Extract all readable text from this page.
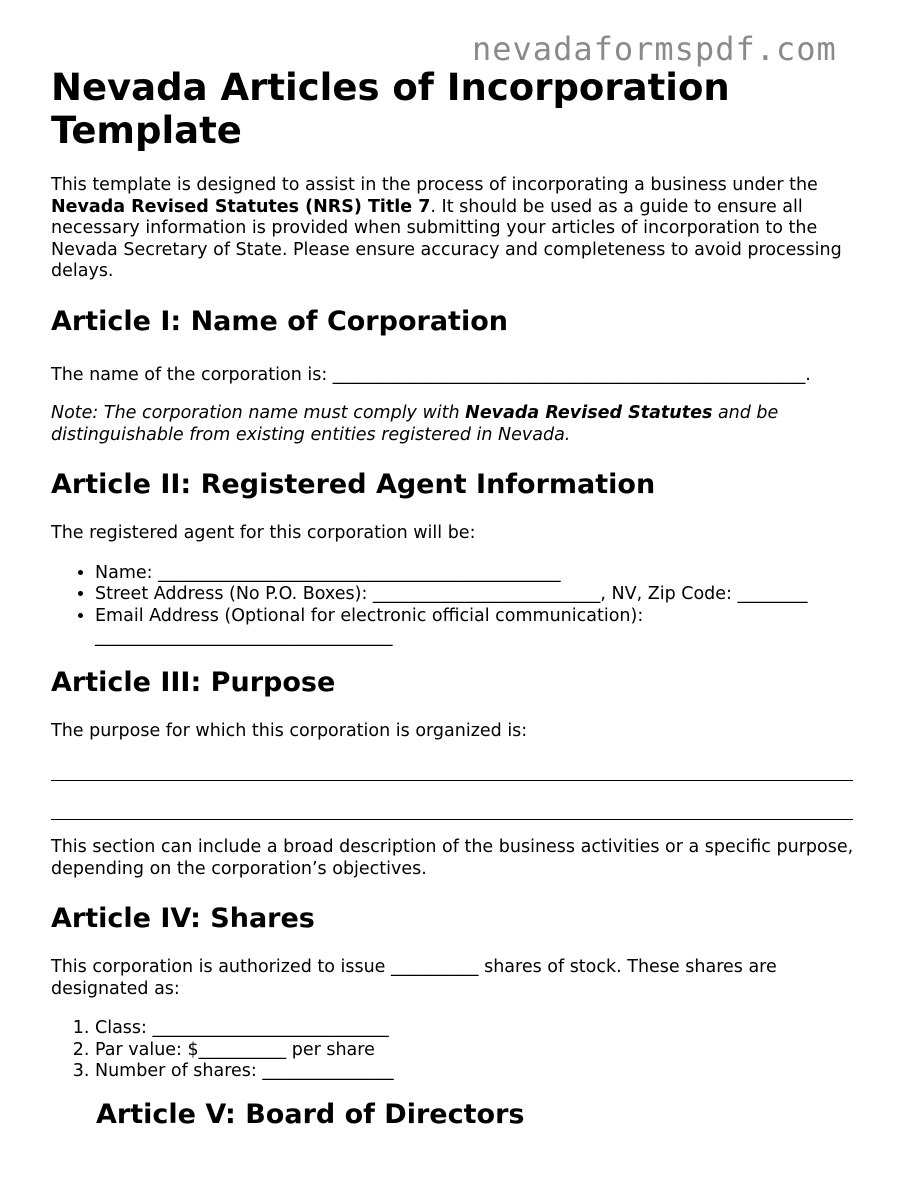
nevadaformspdf.com
Nevada Articles of Incorporation Template

This template is designed to assist in the process of incorporating a business under the Nevada Revised Statutes (NRS) Title 7. It should be used as a guide to ensure all necessary information is provided when submitting your articles of incorporation to the Nevada Secretary of State. Please ensure accuracy and completeness to avoid processing delays.

Article I: Name of Corporation

The name of the corporation is: ______________________________________________________.

Note: The corporation name must comply with Nevada Revised Statutes and be distinguishable from existing entities registered in Nevada.

Article II: Registered Agent Information

The registered agent for this corporation will be:

• Name: ______________________________________________
• Street Address (No P.O. Boxes): __________________________, NV, Zip Code: ________
• Email Address (Optional for electronic official communication): __________________________________
Article III: Purpose

The purpose for which this corporation is organized is:

This section can include a broad description of the business activities or a specific purpose, depending on the corporation’s objectives.

Article IV: Shares

This corporation is authorized to issue __________ shares of stock. These shares are designated as:

1. Class: ___________________________
2. Par value: $__________ per share
3. Number of shares: _______________
Article V: Board of Directors
